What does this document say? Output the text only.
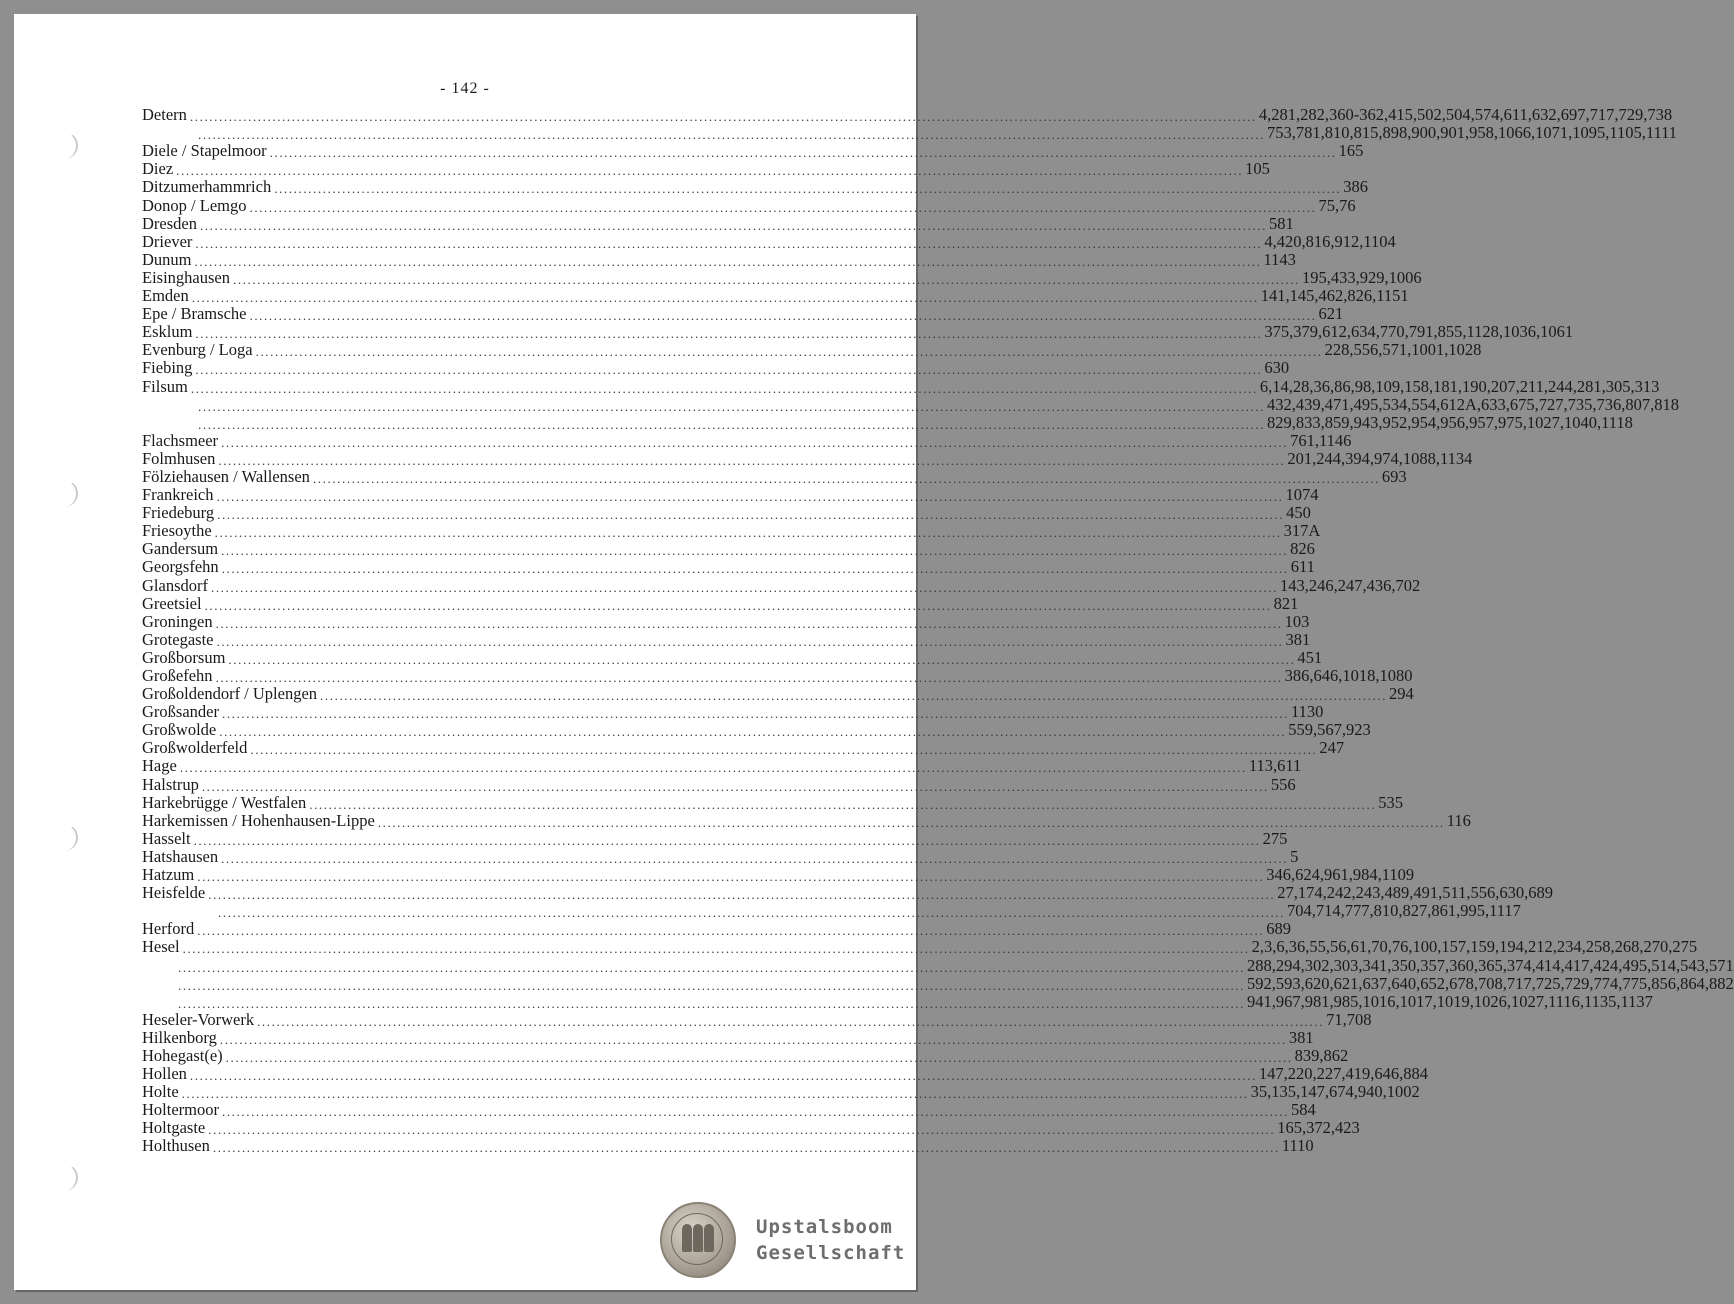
- 142 -
Detern ............................................................................................................................................................................................................................ 4,281,282,360-362,415,502,504,574,611,632,697,717,729,738
............................................................................................................................................................................................................................ 753,781,810,815,898,900,901,958,1066,1071,1095,1105,1111
Diele / Stapelmoor ............................................................................................................................................................................................................................ 165
Diez ............................................................................................................................................................................................................................ 105
Ditzumerhammrich ............................................................................................................................................................................................................................ 386
Donop / Lemgo ............................................................................................................................................................................................................................ 75,76
Dresden ............................................................................................................................................................................................................................ 581
Driever ............................................................................................................................................................................................................................ 4,420,816,912,1104
Dunum ............................................................................................................................................................................................................................ 1143
Eisinghausen ............................................................................................................................................................................................................................ 195,433,929,1006
Emden ............................................................................................................................................................................................................................ 141,145,462,826,1151
Epe / Bramsche ............................................................................................................................................................................................................................ 621
Esklum ............................................................................................................................................................................................................................ 375,379,612,634,770,791,855,1128,1036,1061
Evenburg / Loga ............................................................................................................................................................................................................................ 228,556,571,1001,1028
Fiebing ............................................................................................................................................................................................................................ 630
Filsum ............................................................................................................................................................................................................................ 6,14,28,36,86,98,109,158,181,190,207,211,244,281,305,313
............................................................................................................................................................................................................................ 432,439,471,495,534,554,612A,633,675,727,735,736,807,818
............................................................................................................................................................................................................................ 829,833,859,943,952,954,956,957,975,1027,1040,1118
Flachsmeer ............................................................................................................................................................................................................................ 761,1146
Folmhusen ............................................................................................................................................................................................................................ 201,244,394,974,1088,1134
Fölziehausen / Wallensen ............................................................................................................................................................................................................................ 693
Frankreich ............................................................................................................................................................................................................................ 1074
Friedeburg ............................................................................................................................................................................................................................ 450
Friesoythe ............................................................................................................................................................................................................................ 317A
Gandersum ............................................................................................................................................................................................................................ 826
Georgsfehn ............................................................................................................................................................................................................................ 611
Glansdorf ............................................................................................................................................................................................................................ 143,246,247,436,702
Greetsiel ............................................................................................................................................................................................................................ 821
Groningen ............................................................................................................................................................................................................................ 103
Grotegaste ............................................................................................................................................................................................................................ 381
Großborsum ............................................................................................................................................................................................................................ 451
Großefehn ............................................................................................................................................................................................................................ 386,646,1018,1080
Großoldendorf / Uplengen ............................................................................................................................................................................................................................ 294
Großsander ............................................................................................................................................................................................................................ 1130
Großwolde ............................................................................................................................................................................................................................ 559,567,923
Großwolderfeld ............................................................................................................................................................................................................................ 247
Hage ............................................................................................................................................................................................................................ 113,611
Halstrup ............................................................................................................................................................................................................................ 556
Harkebrügge / Westfalen ............................................................................................................................................................................................................................ 535
Harkemissen / Hohenhausen-Lippe ............................................................................................................................................................................................................................ 116
Hasselt ............................................................................................................................................................................................................................ 275
Hatshausen ............................................................................................................................................................................................................................ 5
Hatzum ............................................................................................................................................................................................................................ 346,624,961,984,1109
Heisfelde ............................................................................................................................................................................................................................ 27,174,242,243,489,491,511,556,630,689
............................................................................................................................................................................................................................ 704,714,777,810,827,861,995,1117
Herford ............................................................................................................................................................................................................................ 689
Hesel ............................................................................................................................................................................................................................ 2,3,6,36,55,56,61,70,76,100,157,159,194,212,234,258,268,270,275
............................................................................................................................................................................................................................ 288,294,302,303,341,350,357,360,365,374,414,417,424,495,514,543,571
............................................................................................................................................................................................................................ 592,593,620,621,637,640,652,678,708,717,725,729,774,775,856,864,882
............................................................................................................................................................................................................................ 941,967,981,985,1016,1017,1019,1026,1027,1116,1135,1137
Heseler-Vorwerk ............................................................................................................................................................................................................................ 71,708
Hilkenborg ............................................................................................................................................................................................................................ 381
Hohegast(e) ............................................................................................................................................................................................................................ 839,862
Hollen ............................................................................................................................................................................................................................ 147,220,227,419,646,884
Holte ............................................................................................................................................................................................................................ 35,135,147,674,940,1002
Holtermoor ............................................................................................................................................................................................................................ 584
Holtgaste ............................................................................................................................................................................................................................ 165,372,423
Holthusen ............................................................................................................................................................................................................................ 1110
Upstalsboom
Gesellschaft
